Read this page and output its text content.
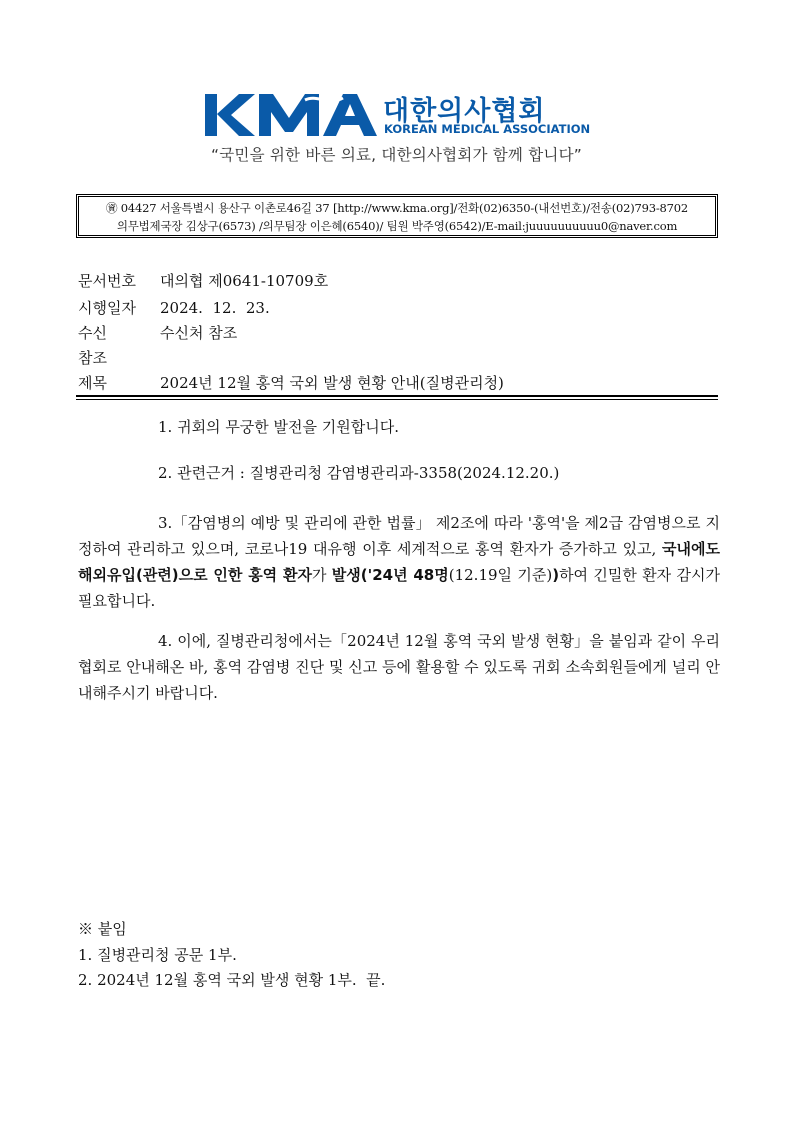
대한의사협회
KOREAN MEDICAL ASSOCIATION
“국민을 위한 바른 의료, 대한의사협회가 함께 합니다”
㊮ 04427 서울특별시 용산구 이촌로46길 37 [http://www.kma.org]/전화(02)6350-(내선번호)/전송(02)793-8702
의무법제국장 김상구(6573) /의무팀장 이은혜(6540)/ 팀원 박주영(6542)/E-mail:juuuuuuuuuu0@naver.com
문서번호 대의협 제0641-10709호
시행일자 2024.  12.  23.
수신	수신처 참조
참조
제목	2024년 12월 홍역 국외 발생 현황 안내(질병관리청)
1. 귀회의 무궁한 발전을 기원합니다.
2. 관련근거 : 질병관리청 감염병관리과-3358(2024.12.20.)
3.「감염병의 예방 및 관리에 관한 법률」 제2조에 따라 '홍역'을 제2급 감염병으로 지정하여 관리하고 있으며, 코로나19 대유행 이후 세계적으로 홍역 환자가 증가하고 있고, 국내에도 해외유입(관련)으로 인한 홍역 환자가 발생('24년 48명(12.19일 기준))하여 긴밀한 환자 감시가 필요합니다.
4. 이에, 질병관리청에서는「2024년 12월 홍역 국외 발생 현황」을 붙임과 같이 우리협회로 안내해온 바, 홍역 감염병 진단 및 신고 등에 활용할 수 있도록 귀회 소속회원들에게 널리 안내해주시기 바랍니다.
※ 붙임
1. 질병관리청 공문 1부.
2. 2024년 12월 홍역 국외 발생 현황 1부.  끝.
